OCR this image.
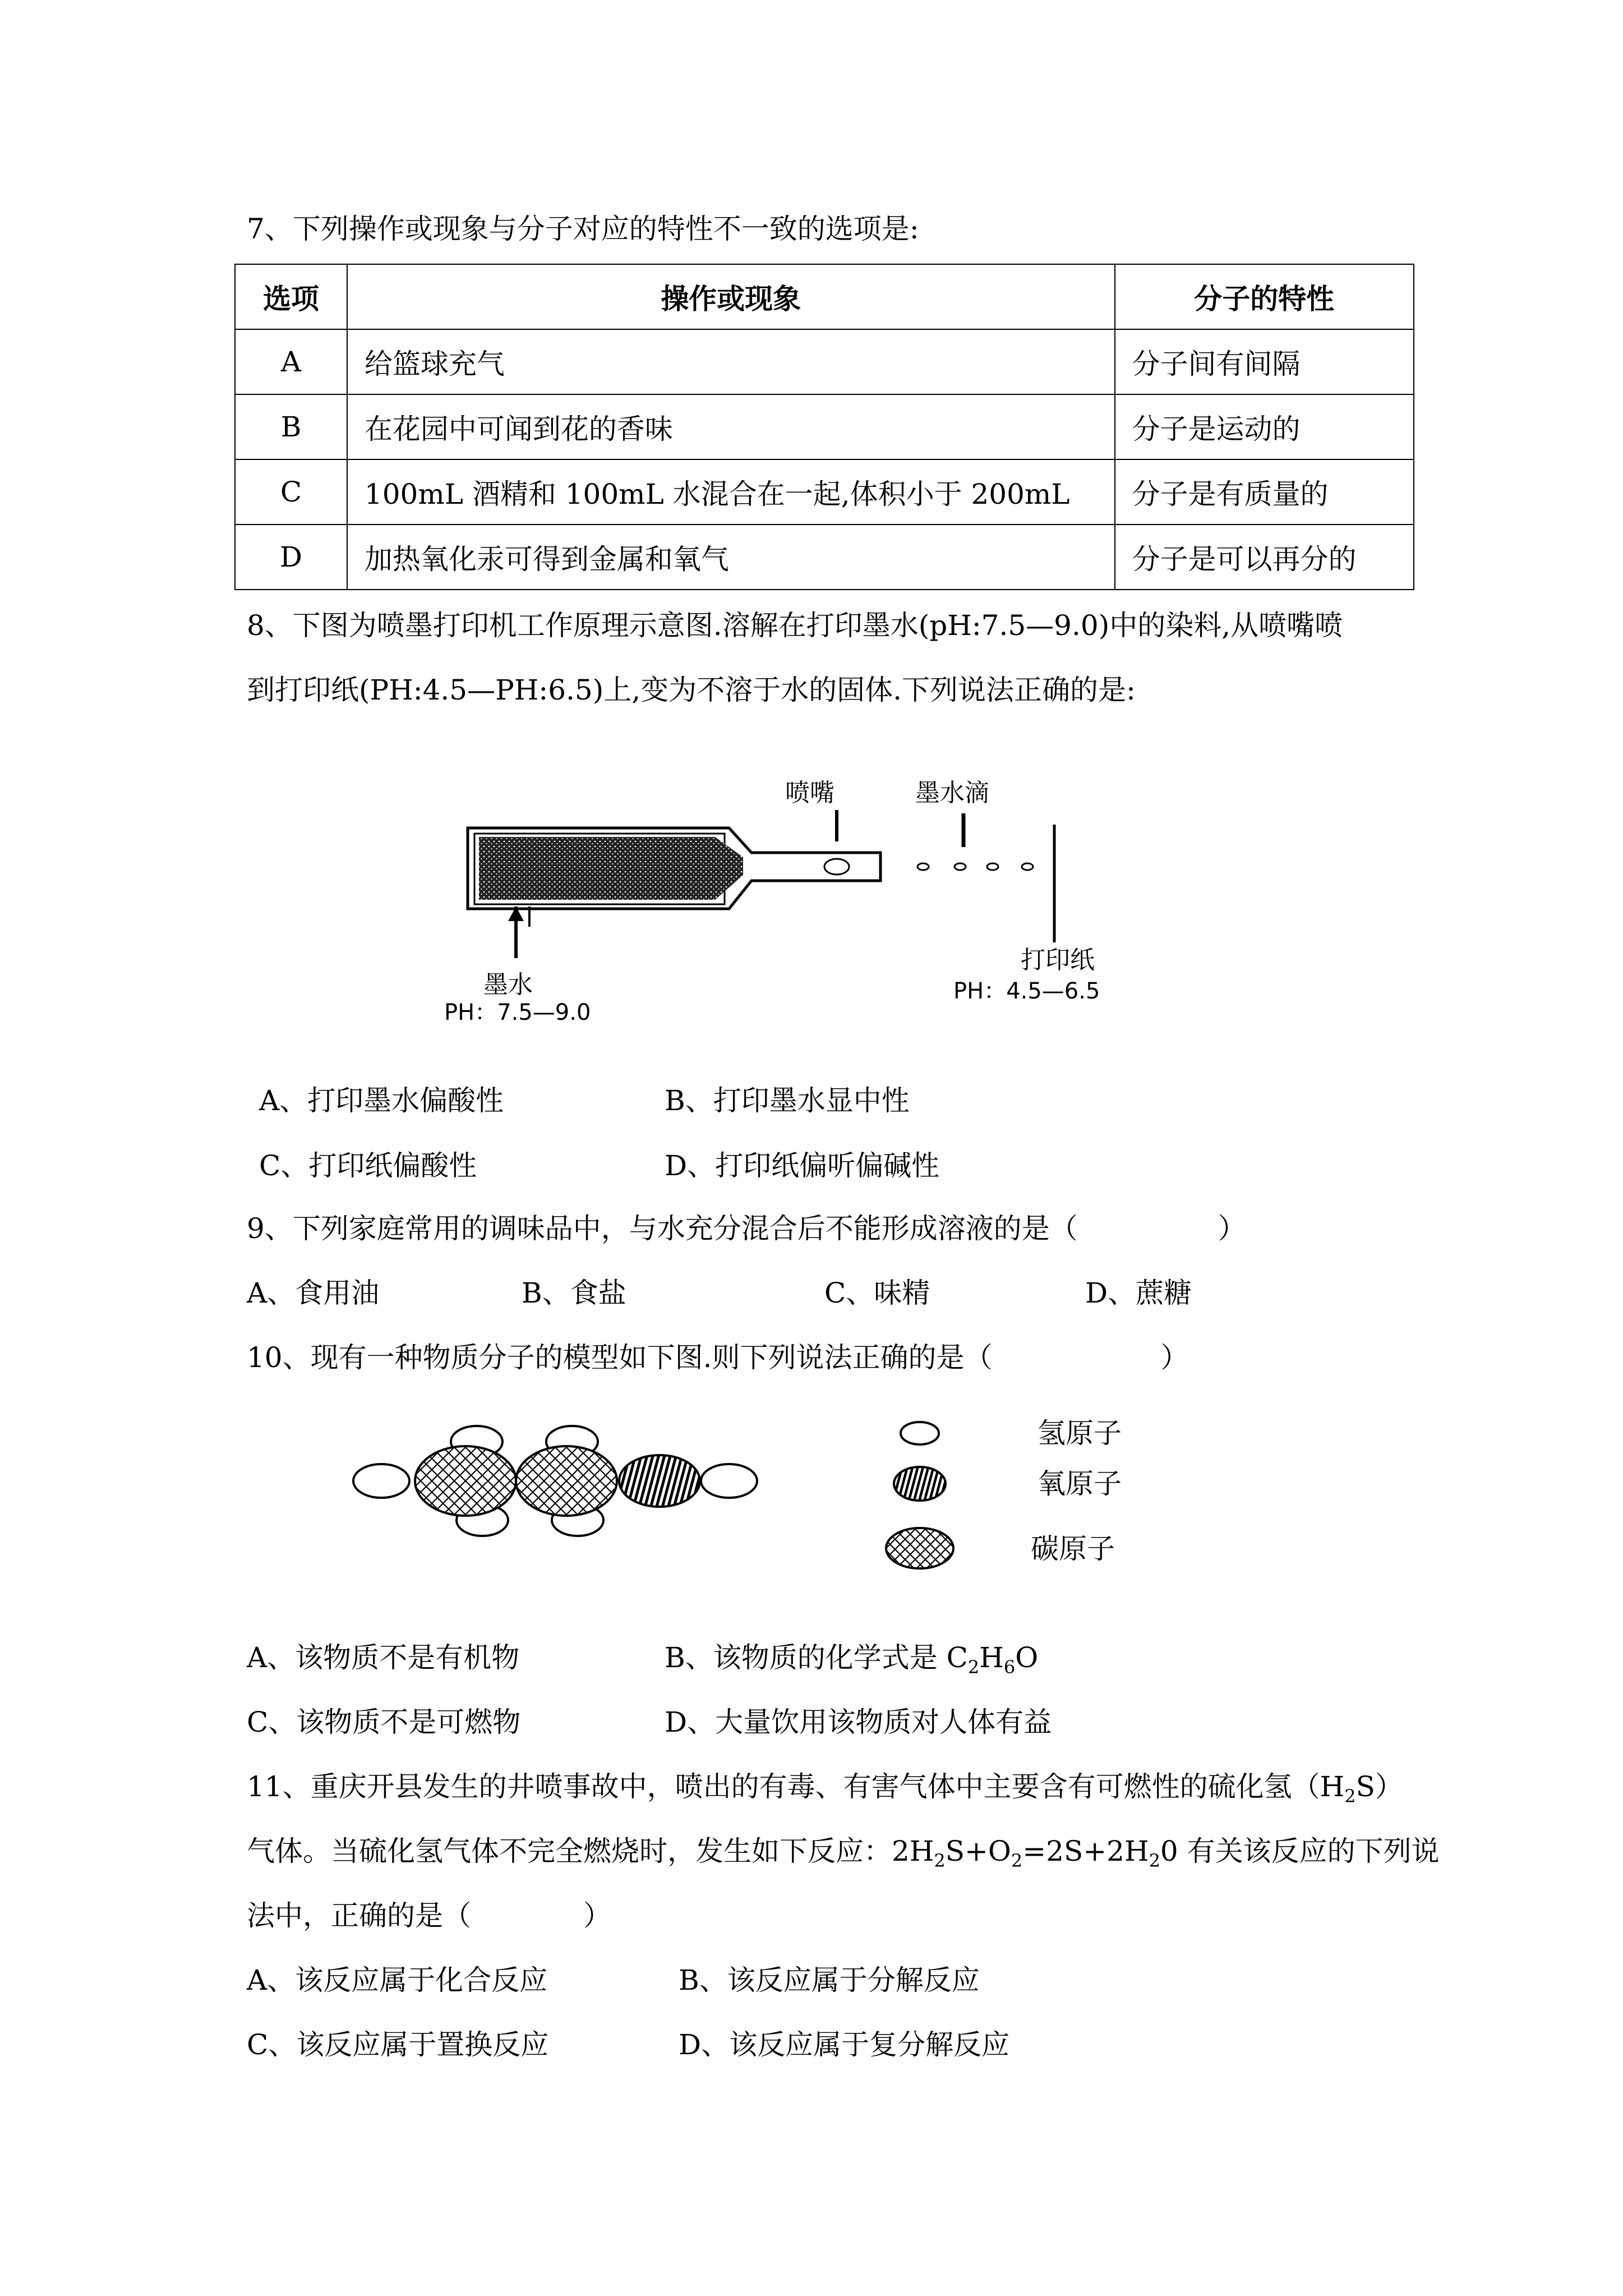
7、下列操作或现象与分子对应的特性不一致的选项是:
选项	操作或现象	分子的特性
A	给篮球充气	分子间有间隔
B	在花园中可闻到花的香味	分子是运动的
C	100mL 酒精和 100mL 水混合在一起,体积小于 200mL	分子是有质量的
D	加热氧化汞可得到金属和氧气	分子是可以再分的
8、下图为喷墨打印机工作原理示意图.溶解在打印墨水(pH:7.5—9.0)中的染料,从喷嘴喷
到打印纸(PH:4.5—PH:6.5)上,变为不溶于水的固体.下列说法正确的是:
喷嘴	墨水滴
打印纸
PH：4.5—6.5
墨水
PH：7.5—9.0
A、打印墨水偏酸性	B、打印墨水显中性
C、打印纸偏酸性	D、打印纸偏听偏碱性
9、下列家庭常用的调味品中，与水充分混合后不能形成溶液的是（　　　　　）
A、食用油	B、食盐	C、味精	D、蔗糖
10、现有一种物质分子的模型如下图.则下列说法正确的是（　　　　　　）
氢原子
氧原子
碳原子
A、该物质不是有机物	B、该物质的化学式是 $C_2H_6O$
C、该物质不是可燃物	D、大量饮用该物质对人体有益
11、重庆开县发生的井喷事故中，喷出的有毒、有害气体中主要含有可燃性的硫化氢$(H_2S)$
气体。当硫化氢气体不完全燃烧时，发生如下反应：$2H_2S+O_2=2S+2H_20$ 有关该反应的下列说
法中，正确的是（　　　　）
A、该反应属于化合反应	B、该反应属于分解反应
C、该反应属于置换反应	D、该反应属于复分解反应
